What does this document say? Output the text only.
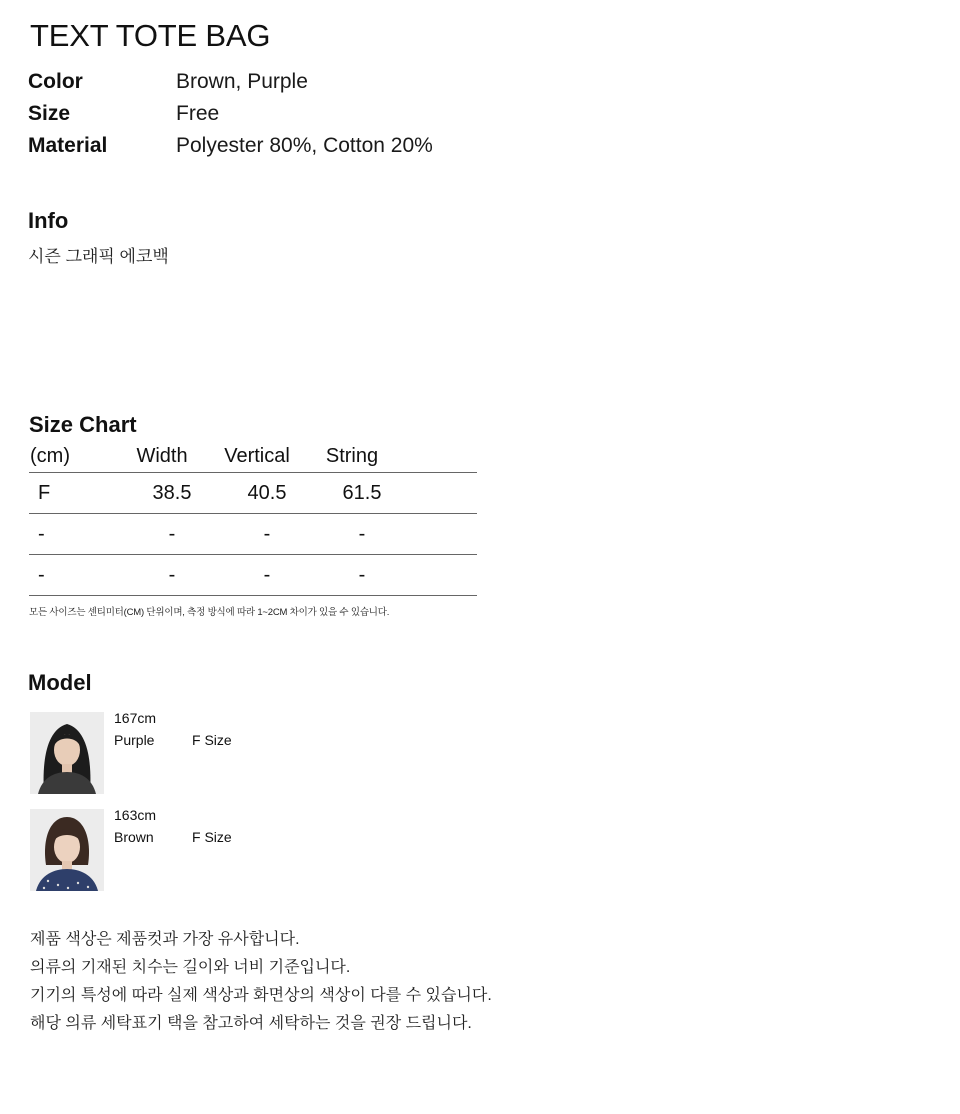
TEXT TOTE BAG
Color	Brown, Purple
Size	Free
Material	Polyester 80%, Cotton 20%
Info
시즌 그래픽 에코백
Size Chart
(cm)	Width	Vertical	String
F	38.5	40.5	61.5
-	-	-	-
-	-	-	-
모든 사이즈는 센티미터(CM) 단위이며, 측정 방식에 따라 1~2CM 차이가 있을 수 있습니다.
Model
167cm
Purple	F Size
163cm
Brown	F Size
제품 색상은 제품컷과 가장 유사합니다.
의류의 기재된 치수는 길이와 너비 기준입니다.
기기의 특성에 따라 실제 색상과 화면상의 색상이 다를 수 있습니다.
해당 의류 세탁표기 택을 참고하여 세탁하는 것을 권장 드립니다.
